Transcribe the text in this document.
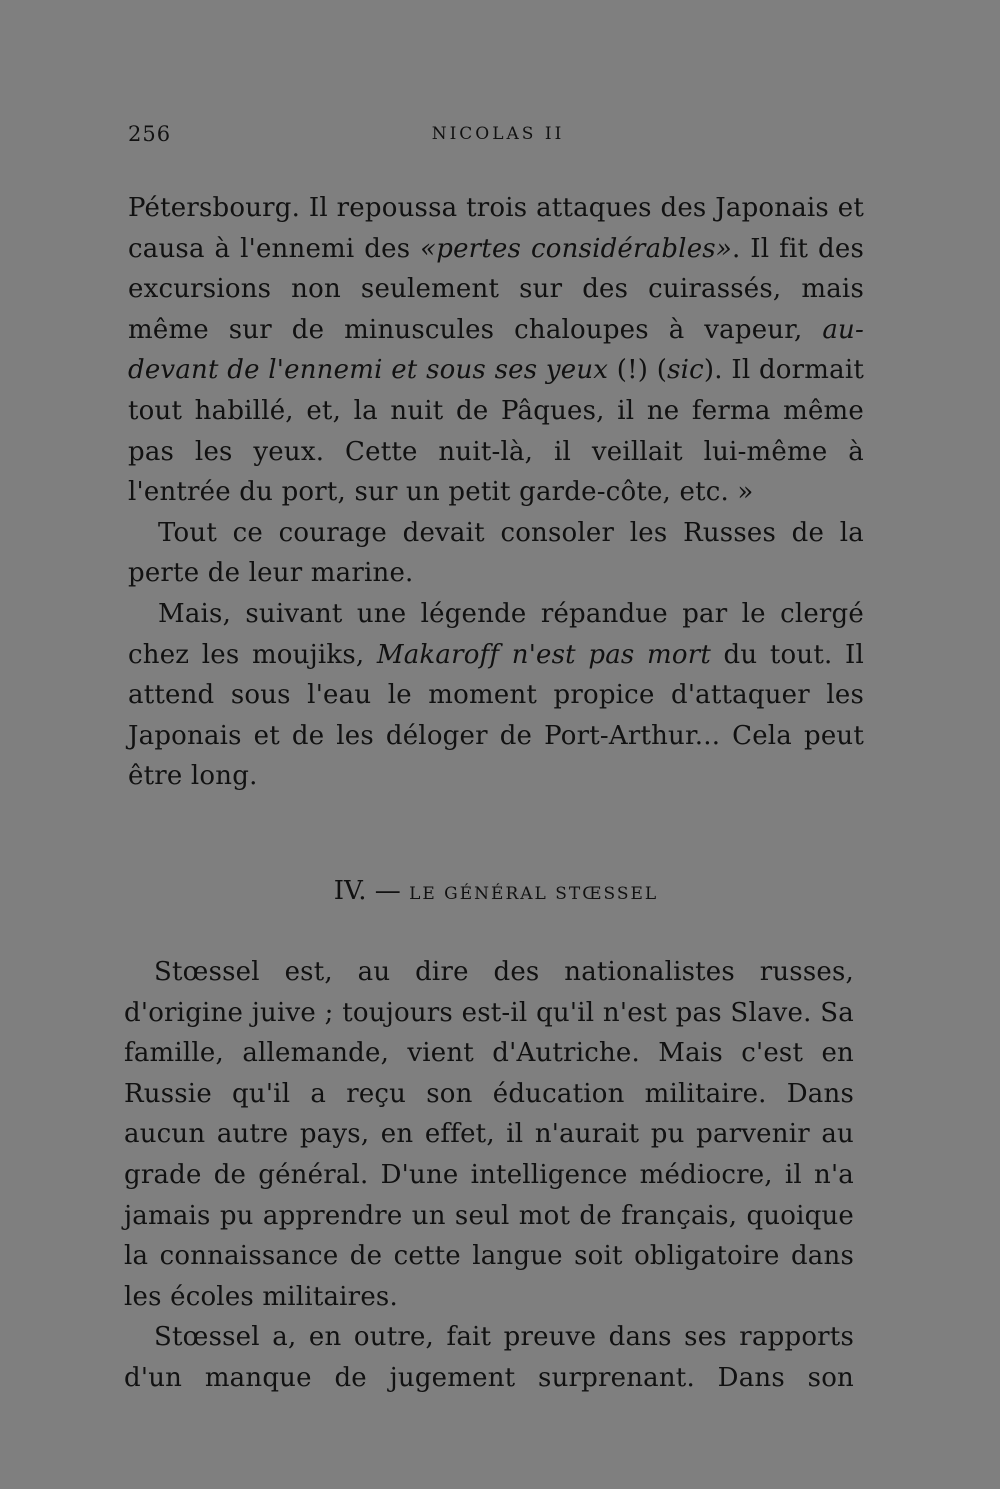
256	NICOLAS II

Pétersbourg. Il repoussa trois attaques des Japonais et causa à l'ennemi des «pertes considérables». Il fit des excursions non seulement sur des cuirassés, mais même sur de minuscules chaloupes à vapeur, au-devant de l'ennemi et sous ses yeux (!) (sic). Il dormait tout habillé, et, la nuit de Pâques, il ne ferma même pas les yeux. Cette nuit-là, il veillait lui-même à l'entrée du port, sur un petit garde-côte, etc. »

Tout ce courage devait consoler les Russes de la perte de leur marine.

Mais, suivant une légende répandue par le clergé chez les moujiks, Makaroff n'est pas mort du tout. Il attend sous l'eau le moment propice d'attaquer les Japonais et de les déloger de Port-Arthur... Cela peut être long.

IV. — LE GÉNÉRAL STŒSSEL

Stœssel est, au dire des nationalistes russes, d'origine juive ; toujours est-il qu'il n'est pas Slave. Sa famille, allemande, vient d'Autriche. Mais c'est en Russie qu'il a reçu son éducation militaire. Dans aucun autre pays, en effet, il n'aurait pu parvenir au grade de général. D'une intelligence médiocre, il n'a jamais pu apprendre un seul mot de français, quoique la connaissance de cette langue soit obligatoire dans les écoles militaires.

Stœssel a, en outre, fait preuve dans ses rapports d'un manque de jugement surprenant. Dans son
